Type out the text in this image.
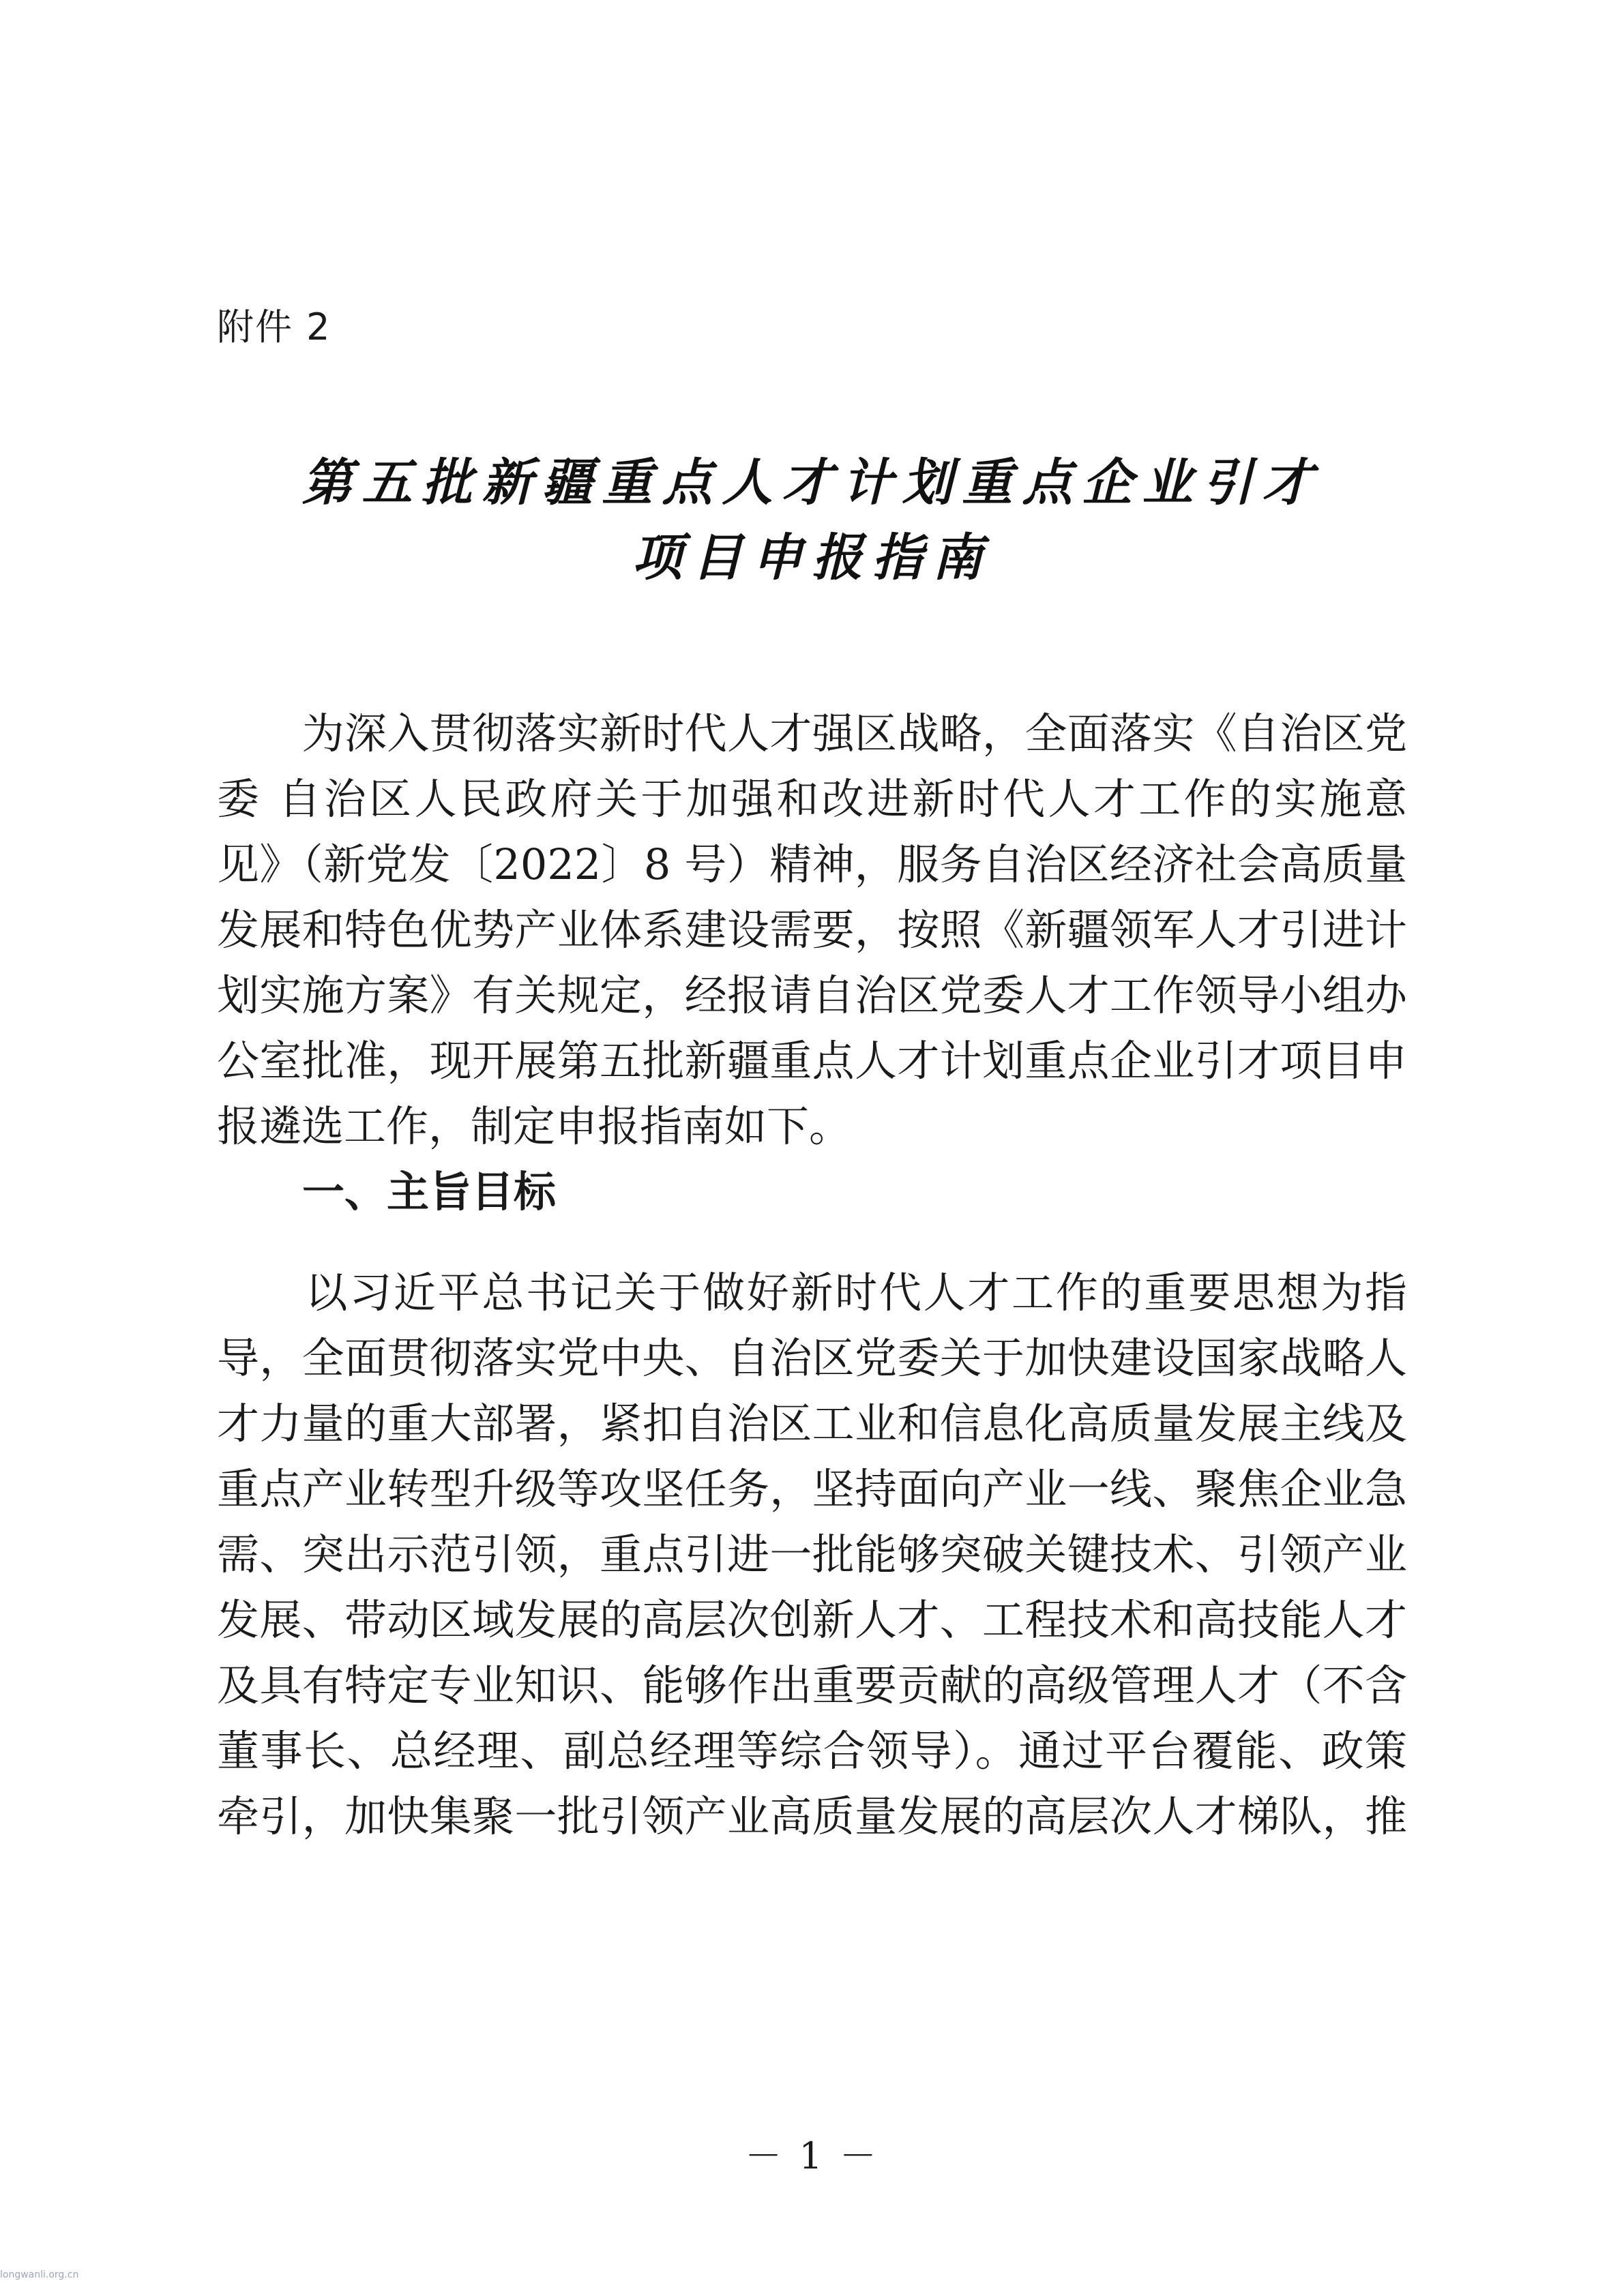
附件 2
第五批新疆重点人才计划重点企业引才
项目申报指南
　　为深入贯彻落实新时代人才强区战略，全面落实《自治区党
委 自治区人民政府关于加强和改进新时代人才工作的实施意
见》（新党发〔2022〕8 号）精神，服务自治区经济社会高质量
发展和特色优势产业体系建设需要，按照《新疆领军人才引进计
划实施方案》有关规定，经报请自治区党委人才工作领导小组办
公室批准，现开展第五批新疆重点人才计划重点企业引才项目申
报遴选工作，制定申报指南如下。
一、主旨目标
　　以习近平总书记关于做好新时代人才工作的重要思想为指
导，全面贯彻落实党中央、自治区党委关于加快建设国家战略人
才力量的重大部署，紧扣自治区工业和信息化高质量发展主线及
重点产业转型升级等攻坚任务，坚持面向产业一线、聚焦企业急
需、突出示范引领，重点引进一批能够突破关键技术、引领产业
发展、带动区域发展的高层次创新人才、工程技术和高技能人才
及具有特定专业知识、能够作出重要贡献的高级管理人才（不含
董事长、总经理、副总经理等综合领导）。通过平台覆能、政策
牵引，加快集聚一批引领产业高质量发展的高层次人才梯队，推
－ 1 －
longwanli.org.cn
